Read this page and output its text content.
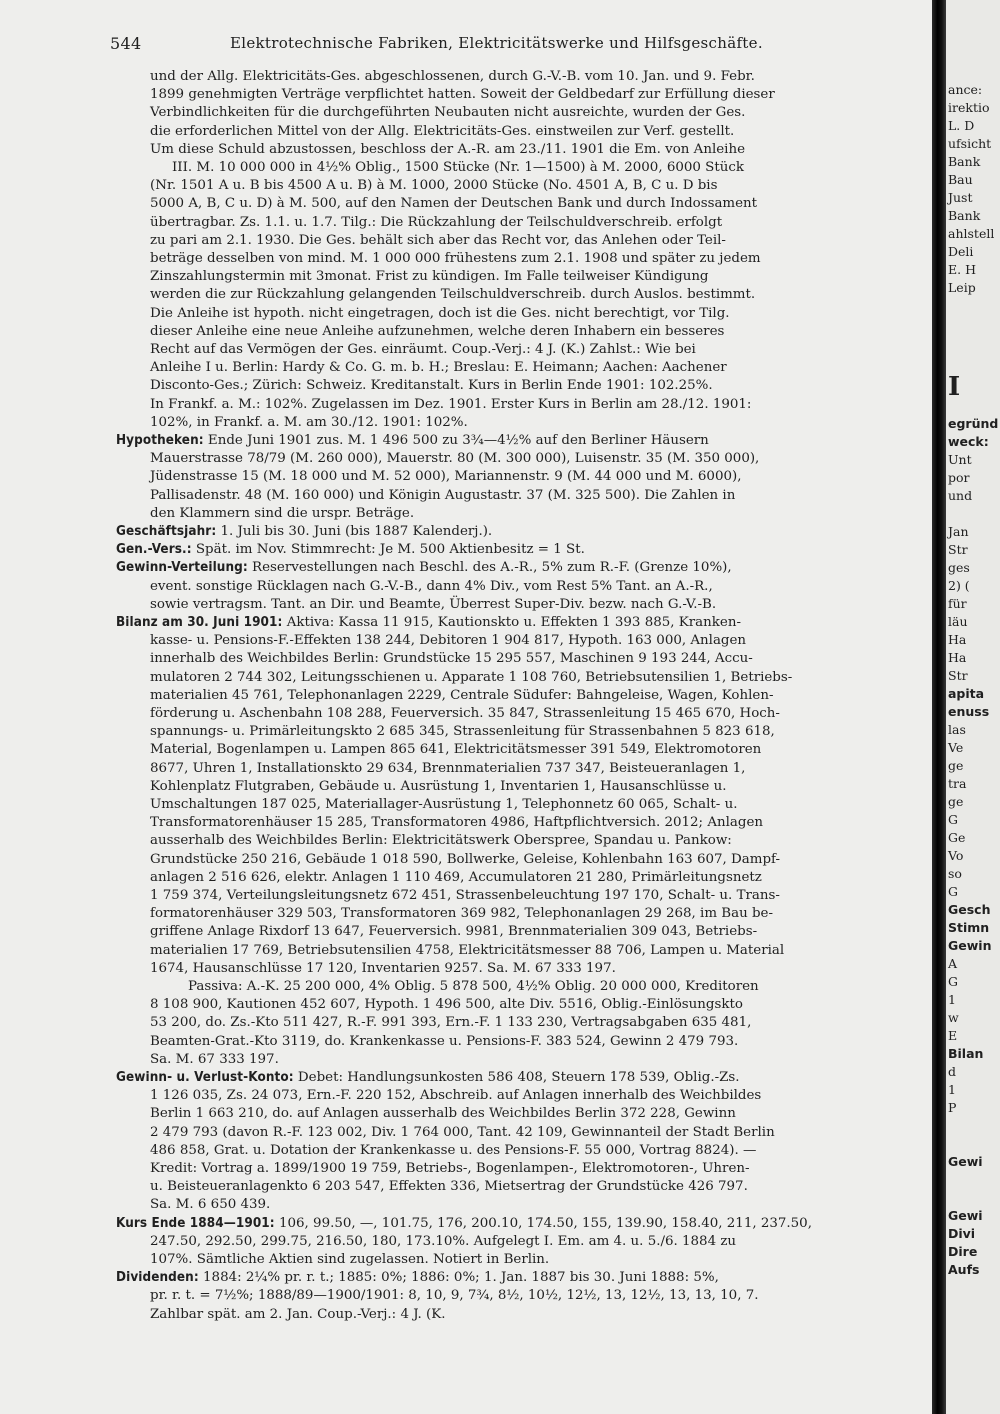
544	Elektrotechnische Fabriken, Elektricitätswerke und Hilfsgeschäfte.
und der Allg. Elektricitäts-Ges. abgeschlossenen, durch G.-V.-B. vom 10. Jan. und 9. Febr.
1899 genehmigten Verträge verpflichtet hatten. Soweit der Geldbedarf zur Erfüllung dieser
Verbindlichkeiten für die durchgeführten Neubauten nicht ausreichte, wurden der Ges.
die erforderlichen Mittel von der Allg. Elektricitäts-Ges. einstweilen zur Verf. gestellt.
Um diese Schuld abzustossen, beschloss der A.-R. am 23./11. 1901 die Em. von Anleihe
III. M. 10 000 000 in 4½% Oblig., 1500 Stücke (Nr. 1—1500) à M. 2000, 6000 Stück
(Nr. 1501 A u. B bis 4500 A u. B) à M. 1000, 2000 Stücke (No. 4501 A, B, C u. D bis
5000 A, B, C u. D) à M. 500, auf den Namen der Deutschen Bank und durch Indossament
übertragbar. Zs. 1.1. u. 1.7. Tilg.: Die Rückzahlung der Teilschuldverschreib. erfolgt
zu pari am 2.1. 1930. Die Ges. behält sich aber das Recht vor, das Anlehen oder Teil-
beträge desselben von mind. M. 1 000 000 frühestens zum 2.1. 1908 und später zu jedem
Zinszahlungstermin mit 3monat. Frist zu kündigen. Im Falle teilweiser Kündigung
werden die zur Rückzahlung gelangenden Teilschuldverschreib. durch Auslos. bestimmt.
Die Anleihe ist hypoth. nicht eingetragen, doch ist die Ges. nicht berechtigt, vor Tilg.
dieser Anleihe eine neue Anleihe aufzunehmen, welche deren Inhabern ein besseres
Recht auf das Vermögen der Ges. einräumt. Coup.-Verj.: 4 J. (K.) Zahlst.: Wie bei
Anleihe I u. Berlin: Hardy & Co. G. m. b. H.; Breslau: E. Heimann; Aachen: Aachener
Disconto-Ges.; Zürich: Schweiz. Kreditanstalt. Kurs in Berlin Ende 1901: 102.25%.
In Frankf. a. M.: 102%. Zugelassen im Dez. 1901. Erster Kurs in Berlin am 28./12. 1901:
102%, in Frankf. a. M. am 30./12. 1901: 102%.
Hypotheken: Ende Juni 1901 zus. M. 1 496 500 zu 3¾—4½% auf den Berliner Häusern
Mauerstrasse 78/79 (M. 260 000), Mauerstr. 80 (M. 300 000), Luisenstr. 35 (M. 350 000),
Jüdenstrasse 15 (M. 18 000 und M. 52 000), Mariannenstr. 9 (M. 44 000 und M. 6000),
Pallisadenstr. 48 (M. 160 000) und Königin Augustastr. 37 (M. 325 500). Die Zahlen in
den Klammern sind die urspr. Beträge.
Geschäftsjahr: 1. Juli bis 30. Juni (bis 1887 Kalenderj.).
Gen.-Vers.: Spät. im Nov. Stimmrecht: Je M. 500 Aktienbesitz = 1 St.
Gewinn-Verteilung: Reservestellungen nach Beschl. des A.-R., 5% zum R.-F. (Grenze 10%),
event. sonstige Rücklagen nach G.-V.-B., dann 4% Div., vom Rest 5% Tant. an A.-R.,
sowie vertragsm. Tant. an Dir. und Beamte, Überrest Super-Div. bezw. nach G.-V.-B.
Bilanz am 30. Juni 1901: Aktiva: Kassa 11 915, Kautionskto u. Effekten 1 393 885, Kranken-
kasse- u. Pensions-F.-Effekten 138 244, Debitoren 1 904 817, Hypoth. 163 000, Anlagen
innerhalb des Weichbildes Berlin: Grundstücke 15 295 557, Maschinen 9 193 244, Accu-
mulatoren 2 744 302, Leitungsschienen u. Apparate 1 108 760, Betriebsutensilien 1, Betriebs-
materialien 45 761, Telephonanlagen 2229, Centrale Südufer: Bahngeleise, Wagen, Kohlen-
förderung u. Aschenbahn 108 288, Feuerversich. 35 847, Strassenleitung 15 465 670, Hoch-
spannungs- u. Primärleitungskto 2 685 345, Strassenleitung für Strassenbahnen 5 823 618,
Material, Bogenlampen u. Lampen 865 641, Elektricitätsmesser 391 549, Elektromotoren
8677, Uhren 1, Installationskto 29 634, Brennmaterialien 737 347, Beisteueranlagen 1,
Kohlenplatz Flutgraben, Gebäude u. Ausrüstung 1, Inventarien 1, Hausanschlüsse u.
Umschaltungen 187 025, Materiallager-Ausrüstung 1, Telephonnetz 60 065, Schalt- u.
Transformatorenhäuser 15 285, Transformatoren 4986, Haftpflichtversich. 2012; Anlagen
ausserhalb des Weichbildes Berlin: Elektricitätswerk Oberspree, Spandau u. Pankow:
Grundstücke 250 216, Gebäude 1 018 590, Bollwerke, Geleise, Kohlenbahn 163 607, Dampf-
anlagen 2 516 626, elektr. Anlagen 1 110 469, Accumulatoren 21 280, Primärleitungsnetz
1 759 374, Verteilungsleitungsnetz 672 451, Strassenbeleuchtung 197 170, Schalt- u. Trans-
formatorenhäuser 329 503, Transformatoren 369 982, Telephonanlagen 29 268, im Bau be-
griffene Anlage Rixdorf 13 647, Feuerversich. 9981, Brennmaterialien 309 043, Betriebs-
materialien 17 769, Betriebsutensilien 4758, Elektricitätsmesser 88 706, Lampen u. Material
1674, Hausanschlüsse 17 120, Inventarien 9257. Sa. M. 67 333 197.
Passiva: A.-K. 25 200 000, 4% Oblig. 5 878 500, 4½% Oblig. 20 000 000, Kreditoren
8 108 900, Kautionen 452 607, Hypoth. 1 496 500, alte Div. 5516, Oblig.-Einlösungskto
53 200, do. Zs.-Kto 511 427, R.-F. 991 393, Ern.-F. 1 133 230, Vertragsabgaben 635 481,
Beamten-Grat.-Kto 3119, do. Krankenkasse u. Pensions-F. 383 524, Gewinn 2 479 793.
Sa. M. 67 333 197.
Gewinn- u. Verlust-Konto: Debet: Handlungsunkosten 586 408, Steuern 178 539, Oblig.-Zs.
1 126 035, Zs. 24 073, Ern.-F. 220 152, Abschreib. auf Anlagen innerhalb des Weichbildes
Berlin 1 663 210, do. auf Anlagen ausserhalb des Weichbildes Berlin 372 228, Gewinn
2 479 793 (davon R.-F. 123 002, Div. 1 764 000, Tant. 42 109, Gewinnanteil der Stadt Berlin
486 858, Grat. u. Dotation der Krankenkasse u. des Pensions-F. 55 000, Vortrag 8824). —
Kredit: Vortrag a. 1899/1900 19 759, Betriebs-, Bogenlampen-, Elektromotoren-, Uhren-
u. Beisteueranlagenkto 6 203 547, Effekten 336, Mietsertrag der Grundstücke 426 797.
Sa. M. 6 650 439.
Kurs Ende 1884—1901: 106, 99.50, —, 101.75, 176, 200.10, 174.50, 155, 139.90, 158.40, 211, 237.50,
247.50, 292.50, 299.75, 216.50, 180, 173.10%. Aufgelegt I. Em. am 4. u. 5./6. 1884 zu
107%. Sämtliche Aktien sind zugelassen. Notiert in Berlin.
Dividenden: 1884: 2¼% pr. r. t.; 1885: 0%; 1886: 0%; 1. Jan. 1887 bis 30. Juni 1888: 5%,
pr. r. t. = 7½%; 1888/89—1900/1901: 8, 10, 9, 7¾, 8½, 10½, 12½, 13, 12½, 13, 13, 10, 7.
Zahlbar spät. am 2. Jan. Coup.-Verj.: 4 J. (K.
ance:
irektio
L. D
ufsicht
Bank
Bau
Just
Bank
ahlstell
Deli
E. H
Leip
I
egründ
weck:
Unt
por
und
Jan
Str
ges
2) (
für
läu
Ha
Ha
Str
apita
enuss
las
Ve
ge
tra
ge
G
Ge
Vo
so
G
Gesch
Stimn
Gewin
A
G
1
w
E
Bilan
d
1
P
Gewi
Gewi
Divi
Dire
Aufs
